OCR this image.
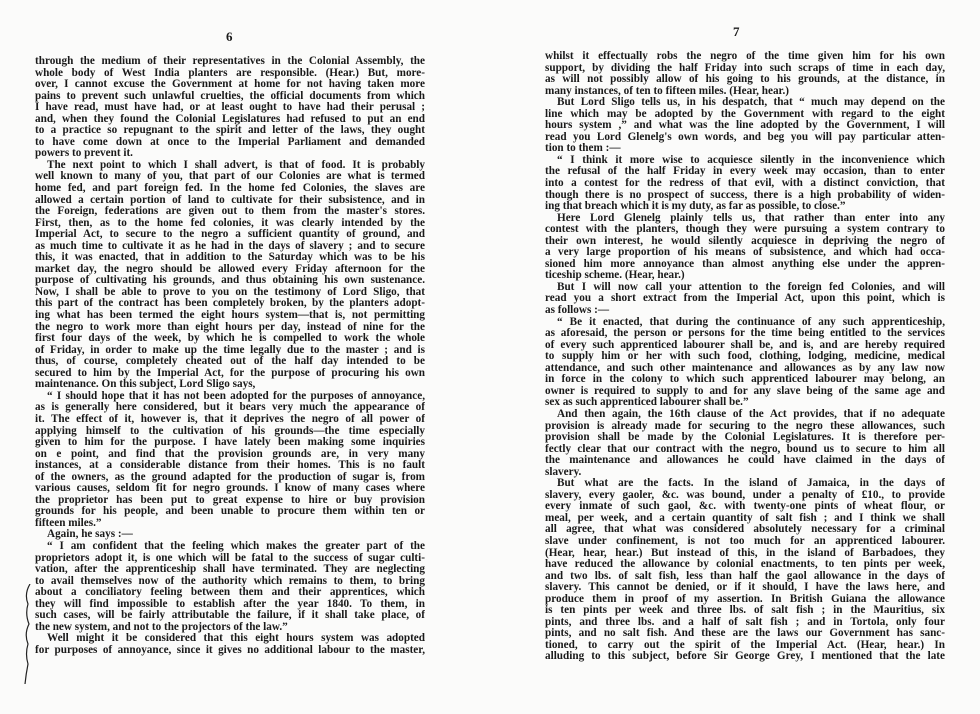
6
through the medium of their representatives in the Colonial Assembly, the
whole body of West India planters are responsible. (Hear.) But, more-
over, I cannot excuse the Government at home for not having taken more
pains to prevent such unlawful cruelties, the official documents from which
I have read, must have had, or at least ought to have had their perusal ;
and, when they found the Colonial Legislatures had refused to put an end
to a practice so repugnant to the spirit and letter of the laws, they ought
to have come down at once to the Imperial Parliament and demanded
powers to prevent it.
The next point to which I shall advert, is that of food. It is probably
well known to many of you, that part of our Colonies are what is termed
home fed, and part foreign fed. In the home fed Colonies, the slaves are
allowed a certain portion of land to cultivate for their subsistence, and in
the Foreign, federations are given out to them from the master's stores.
First, then, as to the home fed colonies, it was clearly intended by the
Imperial Act, to secure to the negro a sufficient quantity of ground, and
as much time to cultivate it as he had in the days of slavery ; and to secure
this, it was enacted, that in addition to the Saturday which was to be his
market day, the negro should be allowed every Friday afternoon for the
purpose of cultivating his grounds, and thus obtaining his own sustenance.
Now, I shall be able to prove to you on the testimony of Lord Sligo, that
this part of the contract has been completely broken, by the planters adopt-
ing what has been termed the eight hours system—that is, not permitting
the negro to work more than eight hours per day, instead of nine for the
first four days of the week, by which he is compelled to work the whole
of Friday, in order to make up the time legally due to the master ; and is
thus, of course, completely cheated out of the half day intended to be
secured to him by the Imperial Act, for the purpose of procuring his own
maintenance. On this subject, Lord Sligo says,
“ I should hope that it has not been adopted for the purposes of annoyance,
as is generally here considered, but it bears very much the appearance of
it. The effect of it, however is, that it deprives the negro of all power of
applying himself to the cultivation of his grounds—the time especially
given to him for the purpose. I have lately been making some inquiries
on e point, and find that the provision grounds are, in very many
instances, at a considerable distance from their homes. This is no fault
of the owners, as the ground adapted for the production of sugar is, from
various causes, seldom fit for negro grounds. I know of many cases where
the proprietor has been put to great expense to hire or buy provision
grounds for his people, and been unable to procure them within ten or
fifteen miles.”
Again, he says :—
“ I am confident that the feeling which makes the greater part of the
proprietors adopt it, is one which will be fatal to the success of sugar culti-
vation, after the apprenticeship shall have terminated. They are neglecting
to avail themselves now of the authority which remains to them, to bring
about a conciliatory feeling between them and their apprentices, which
they will find impossible to establish after the year 1840. To them, in
such cases, will be fairly attributable the failure, if it shall take place, of
the new system, and not to the projectors of the law.”
Well might it be considered that this eight hours system was adopted
for purposes of annoyance, since it gives no additional labour to the master,
7
whilst it effectually robs the negro of the time given him for his own
support, by dividing the half Friday into such scraps of time in each day,
as will not possibly allow of his going to his grounds, at the distance, in
many instances, of ten to fifteen miles. (Hear, hear.)
But Lord Sligo tells us, in his despatch, that “ much may depend on the
line which may be adopted by the Government with regard to the eight
hours system ,” and what was the line adopted by the Government, I will
read you Lord Glenelg's own words, and beg you will pay particular atten-
tion to them :—
“ I think it more wise to acquiesce silently in the inconvenience which
the refusal of the half Friday in every week may occasion, than to enter
into a contest for the redress of that evil, with a distinct conviction, that
though there is no prospect of success, there is a high probability of widen-
ing that breach which it is my duty, as far as possible, to close.”
Here Lord Glenelg plainly tells us, that rather than enter into any
contest with the planters, though they were pursuing a system contrary to
their own interest, he would silently acquiesce in depriving the negro of
a very large proportion of his means of subsistence, and which had occa-
sioned him more annoyance than almost anything else under the appren-
ticeship scheme. (Hear, hear.)
But I will now call your attention to the foreign fed Colonies, and will
read you a short extract from the Imperial Act, upon this point, which is
as follows :—
“ Be it enacted, that during the continuance of any such apprenticeship,
as aforesaid, the person or persons for the time being entitled to the services
of every such apprenticed labourer shall be, and is, and are hereby required
to supply him or her with such food, clothing, lodging, medicine, medical
attendance, and such other maintenance and allowances as by any law now
in force in the colony to which such apprenticed labourer may belong, an
owner is required to supply to and for any slave being of the same age and
sex as such apprenticed labourer shall be.”
And then again, the 16th clause of the Act provides, that if no adequate
provision is already made for securing to the negro these allowances, such
provision shall be made by the Colonial Legislatures. It is therefore per-
fectly clear that our contract with the negro, bound us to secure to him all
the maintenance and allowances he could have claimed in the days of
slavery.
But what are the facts. In the island of Jamaica, in the days of
slavery, every gaoler, &c. was bound, under a penalty of £10., to provide
every inmate of such gaol, &c. with twenty-one pints of wheat flour, or
meal, per week, and a certain quantity of salt fish ; and I think we shall
all agree, that what was considered absolutely necessary for a criminal
slave under confinement, is not too much for an apprenticed labourer.
(Hear, hear, hear.) But instead of this, in the island of Barbadoes, they
have reduced the allowance by colonial enactments, to ten pints per week,
and two lbs. of salt fish, less than half the gaol allowance in the days of
slavery. This cannot be denied, or if it should, I have the laws here, and
produce them in proof of my assertion. In British Guiana the allowance
is ten pints per week and three lbs. of salt fish ; in the Mauritius, six
pints, and three lbs. and a half of salt fish ; and in Tortola, only four
pints, and no salt fish. And these are the laws our Government has sanc-
tioned, to carry out the spirit of the Imperial Act. (Hear, hear.) In
alluding to this subject, before Sir George Grey, I mentioned that the late
